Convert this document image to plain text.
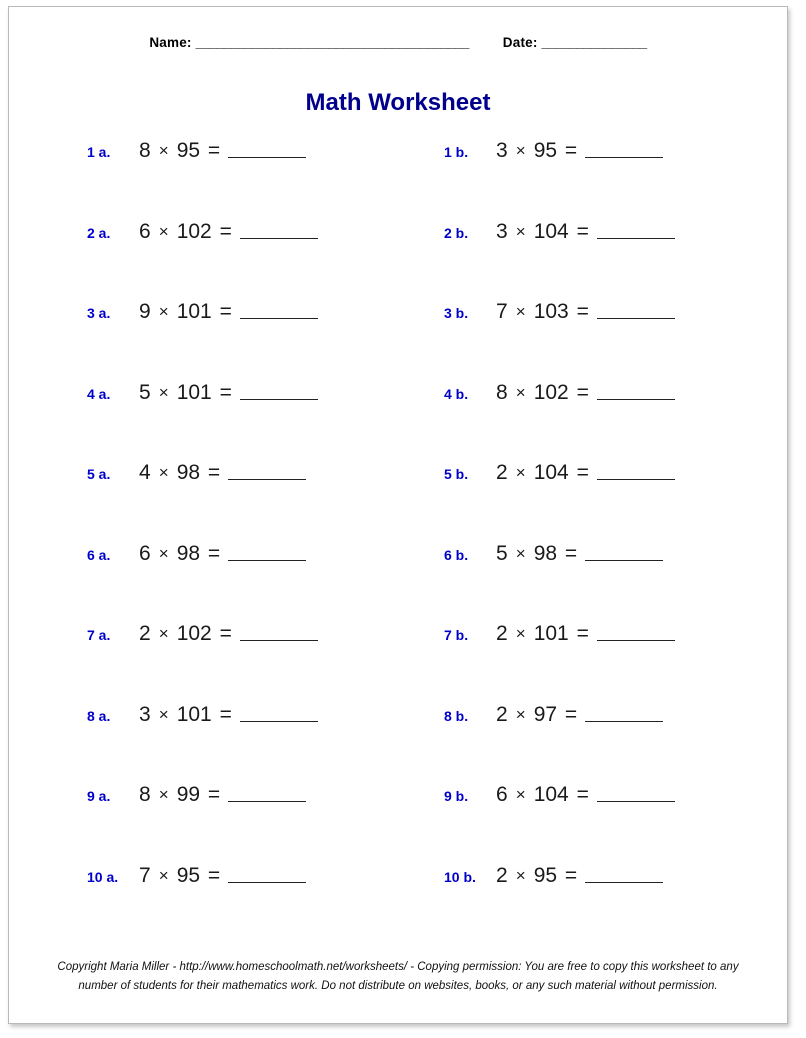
Name: _______________________________________	Date: _______________
Math Worksheet
1 a.	8 × 95 =	1 b.	3 × 95 =
2 a.	6 × 102 =	2 b.	3 × 104 =
3 a.	9 × 101 =	3 b.	7 × 103 =
4 a.	5 × 101 =	4 b.	8 × 102 =
5 a.	4 × 98 =	5 b.	2 × 104 =
6 a.	6 × 98 =	6 b.	5 × 98 =
7 a.	2 × 102 =	7 b.	2 × 101 =
8 a.	3 × 101 =	8 b.	2 × 97 =
9 a.	8 × 99 =	9 b.	6 × 104 =
10 a. 7 × 95 =	10 b. 2 × 95 =
Copyright Maria Miller - http://www.homeschoolmath.net/worksheets/ - Copying permission: You are free to copy this worksheet to any
number of students for their mathematics work. Do not distribute on websites, books, or any such material without permission.
